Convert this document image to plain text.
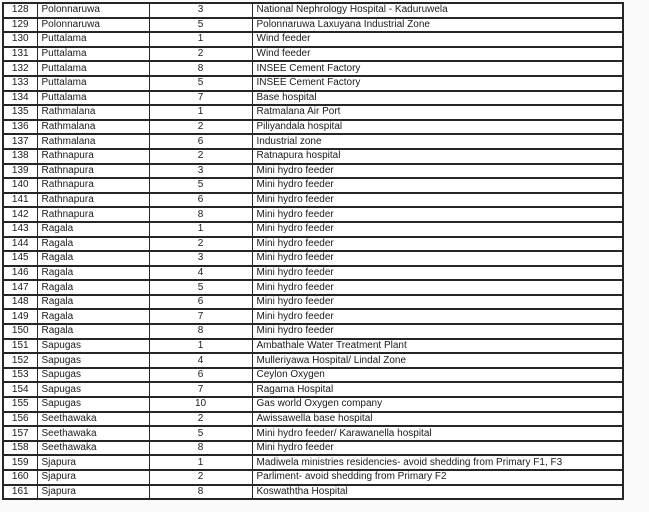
128	Polonnaruwa	3	National Nephrology Hospital - Kaduruwela
129	Polonnaruwa	5	Polonnaruwa Laxuyana Industrial Zone
130	Puttalama	1	Wind feeder
131	Puttalama	2	Wind feeder
132	Puttalama	8	INSEE Cement Factory
133	Puttalama	5	INSEE Cement Factory
134	Puttalama	7	Base hospital
135	Rathmalana	1	Ratmalana Air Port
136	Rathmalana	2	Piliyandala hospital
137	Rathmalana	6	Industrial zone
138	Rathnapura	2	Ratnapura hospital
139	Rathnapura	3	Mini hydro feeder
140	Rathnapura	5	Mini hydro feeder
141	Rathnapura	6	Mini hydro feeder
142	Rathnapura	8	Mini hydro feeder
143	Ragala	1	Mini hydro feeder
144	Ragala	2	Mini hydro feeder
145	Ragala	3	Mini hydro feeder
146	Ragala	4	Mini hydro feeder
147	Ragala	5	Mini hydro feeder
148	Ragala	6	Mini hydro feeder
149	Ragala	7	Mini hydro feeder
150	Ragala	8	Mini hydro feeder
151	Sapugas	1	Ambathale Water Treatment Plant
152	Sapugas	4	Mulleriyawa Hospital/ Lindal Zone
153	Sapugas	6	Ceylon Oxygen
154	Sapugas	7	Ragama Hospital
155	Sapugas	10	Gas world Oxygen company
156	Seethawaka	2	Awissawella base hospital
157	Seethawaka	5	Mini hydro feeder/ Karawanella hospital
158	Seethawaka	8	Mini hydro feeder
159	Sjapura	1	Madiwela ministries residencies- avoid shedding from Primary F1, F3
160	Sjapura	2	Parliment- avoid shedding from Primary F2
161	Sjapura	8	Koswaththa Hospital
